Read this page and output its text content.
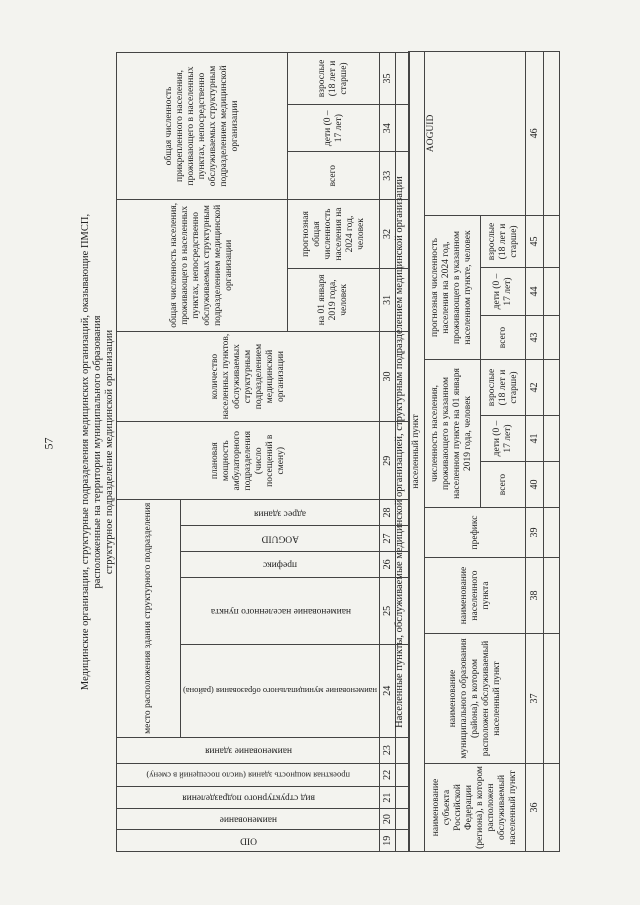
57 Медицинские организации, структурные подразделения медицинских организаций, оказывающие ПМСП, расположенные на территории муниципального образования структурное подразделение медицинской организации
OID	наименование	вид структурного подразделения	проектная мощность здания (число посещений в смену)	наименование здания	место расположения здания структурного подразделения					плановая мощность амбулаторного подразделения (число посещений в смену)	количество населенных пунктов, обслуживаемых структурным подразделением медицинской организации	общая численность населения, проживающего в населенных пунктах, непосредственно обслуживаемых структурным подразделением медицинской организации		общая численность прикрепленного населения, проживающего в населенных пунктах, непосредственно обслуживаемых структурным подразделением медицинской организации		
					наименование муниципального образования (района)	наименование населенного пункта	префикс	AOGUID	адрес здания							
												на 01 января 2019 года, человек	прогнозная общая численность населения на 2024 год, человек	всего	дети (0 – 17 лет)	взрослые (18 лет и старше)
19	20	21	22	23	24	25	26	27	28	29	30	31	32	33	34	35

Населенные пункты, обслуживаемые медицинской организацией, структурным подразделением медицинской организации населенный пункт										
наименование субъекта Российской Федерации (региона), в котором расположен обслуживаемый населенный пункт	наименование муниципального образования (района), в котором расположен обслуживаемый населенный пункт	наименование населенного пункта	префикс	численность населения, проживающего в указанном населенном пункте на 01 января 2019 года, человек			прогнозная численность населения на 2024 год, проживающего в указанном населенном пункте, человек			AOGUID
				всего	дети (0 – 17 лет)	взрослые (18 лет и старше)	всего	дети (0 – 17 лет)	взрослые (18 лет и старше)	
36	37	38	39	40	41	42	43	44	45	46
